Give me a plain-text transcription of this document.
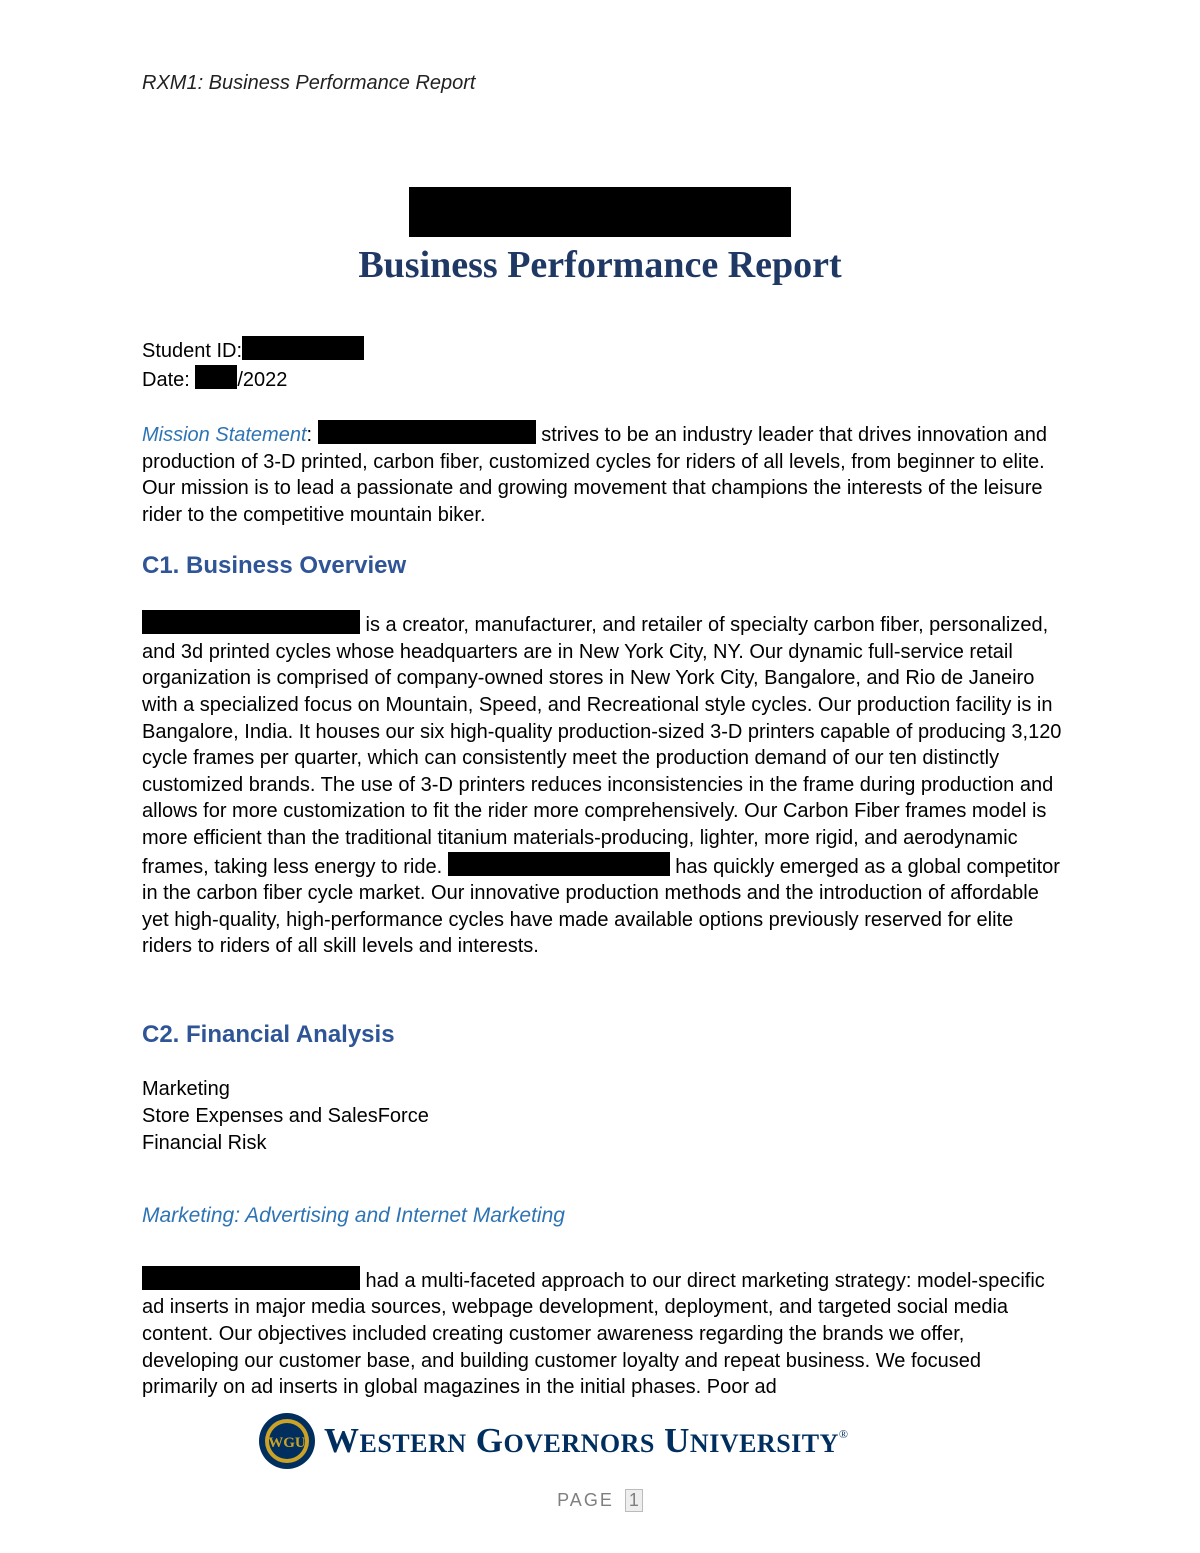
RXM1: Business Performance Report
Business Performance Report

Student ID:
Date: /2022

Mission Statement:	strives to be an industry leader that drives innovation and production of 3-D printed, carbon fiber, customized cycles for riders of all levels, from beginner to elite. Our mission is to lead a passionate and growing movement that champions the interests of the leisure rider to the competitive mountain biker.

C1. Business Overview

is a creator, manufacturer, and retailer of specialty carbon fiber, personalized, and 3d printed cycles whose headquarters are in New York City, NY. Our dynamic full-service retail organization is comprised of company-owned stores in New York City, Bangalore, and Rio de Janeiro with a specialized focus on Mountain, Speed, and Recreational style cycles. Our production facility is in Bangalore, India. It houses our six high-quality production-sized 3-D printers capable of producing 3,120 cycle frames per quarter, which can consistently meet the production demand of our ten distinctly customized brands. The use of 3-D printers reduces inconsistencies in the frame during production and allows for more customization to fit the rider more comprehensively. Our Carbon Fiber frames model is more efficient than the traditional titanium materials-producing, lighter, more rigid, and aerodynamic frames, taking less energy to ride.	has quickly emerged as a global competitor in the carbon fiber cycle market. Our innovative production methods and the introduction of affordable yet high-quality, high-performance cycles have made available options previously reserved for elite riders to riders of all skill levels and interests.

C2. Financial Analysis

Marketing
Store Expenses and SalesForce
Financial Risk

Marketing: Advertising and Internet Marketing

had a multi-faceted approach to our direct marketing strategy: model-specific ad inserts in major media sources, webpage development, deployment, and targeted social media content. Our objectives included creating customer awareness regarding the brands we offer, developing our customer base, and building customer loyalty and repeat business. We focused primarily on ad inserts in global magazines in the initial phases. Poor ad

WGU WESTERN GOVERNORS UNIVERSITY®
PAGE 1
